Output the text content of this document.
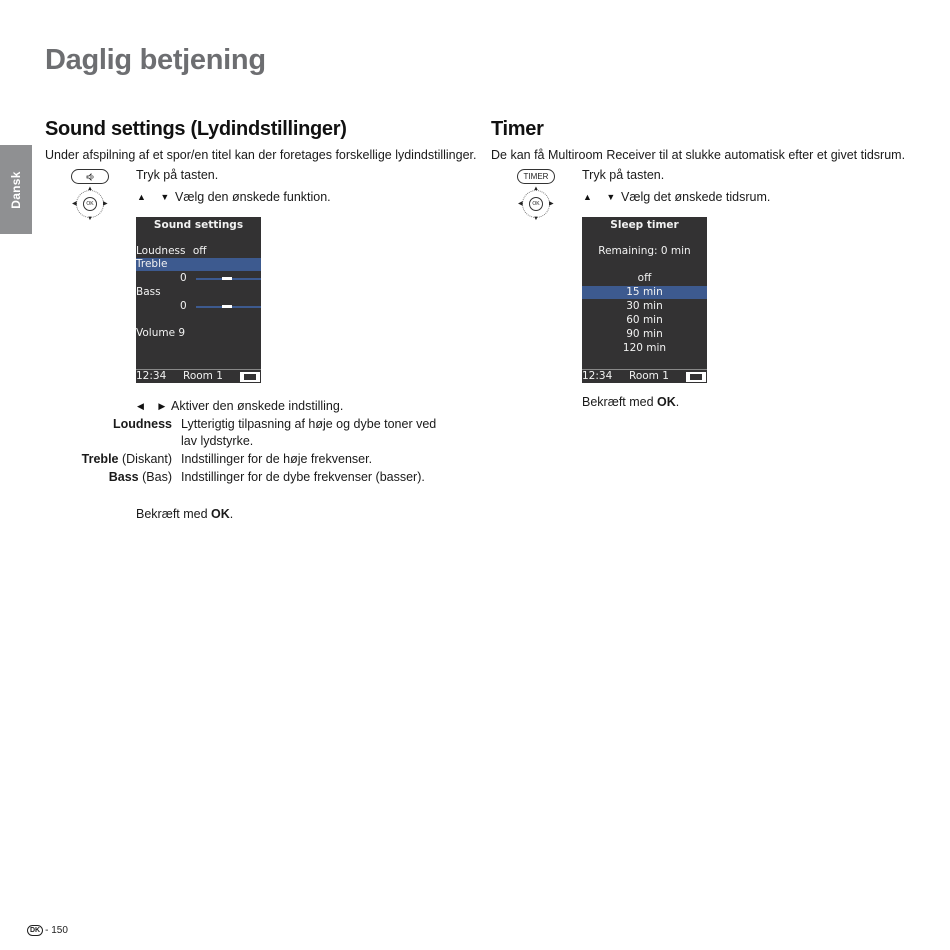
Daglig betjening
Dansk
Sound settings (Lydindstillinger)
Under afspilning af et spor/en titel kan der foretages forskellige lydindstillinger.
Tryk på tasten.
▲
▼
◀	▶
OK
▲ ▼ Vælg den ønskede funktion.
Sound settings
Loudness off
Treble
0
Bass
0
Volume 9
12:34 Room 1
◀ ▶ Aktiver den ønskede indstilling.
Loudness Lytterigtig tilpasning af høje og dybe toner ved lav lydstyrke.
Treble (Diskant) Indstillinger for de høje frekvenser.
Bass (Bas) Indstillinger for de dybe frekvenser (basser).
Bekræft med OK.
Timer
De kan få Multiroom Receiver til at slukke automatisk efter et givet tidsrum.
TIMER	Tryk på tasten.
▲
▼
◀	▶
OK
▲ ▼ Vælg det ønskede tidsrum.
Sleep timer
Remaining: 0 min
off
15 min
30 min
60 min
90 min
120 min
12:34 Room 1
Bekræft med OK.
DK - 150
